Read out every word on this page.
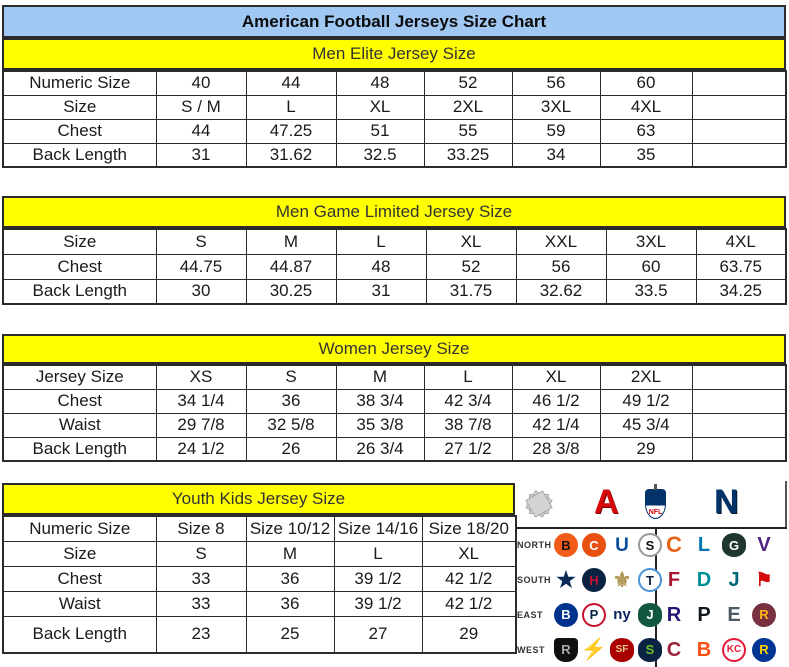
American Football Jerseys Size Chart
Men Elite Jersey Size
Numeric Size	40	44	48	52	56	60	
Size	S / M	L	XL	2XL	3XL	4XL	
Chest	44	47.25	51	55	59	63	
Back Length	31	31.62	32.5	33.25	34	35	
Men Game Limited Jersey Size
Size	S	M	L	XL	XXL	3XL	4XL
Chest	44.75	44.87	48	52	56	60	63.75
Back Length	30	30.25	31	31.75	32.62	33.5	34.25
Women Jersey Size
Jersey Size	XS	S	M	L	XL	2XL	
Chest	34 1/4	36	38 3/4	42 3/4	46 1/2	49 1/2	
Waist	29 7/8	32 5/8	35 3/8	38 7/8	42 1/4	45 3/4	
Back Length	24 1/2	26	26 3/4	27 1/2	28 3/8	29	
Youth Kids Jersey Size
Numeric Size	Size 8	Size 10/12	Size 14/16	Size 18/20
Size	S	M	L	XL
Chest	33	36	39 1/2	42 1/2
Waist	33	36	39 1/2	42 1/2
Back Length	23	25	27	29
A	NFL N
NORTH B	C U	S C L	G V
SOUTH ★	H ⚜	T F D J ⚑
EAST	B	P ny	J R P E	R
WEST	R ⚡ SF	S C B	KC	R
